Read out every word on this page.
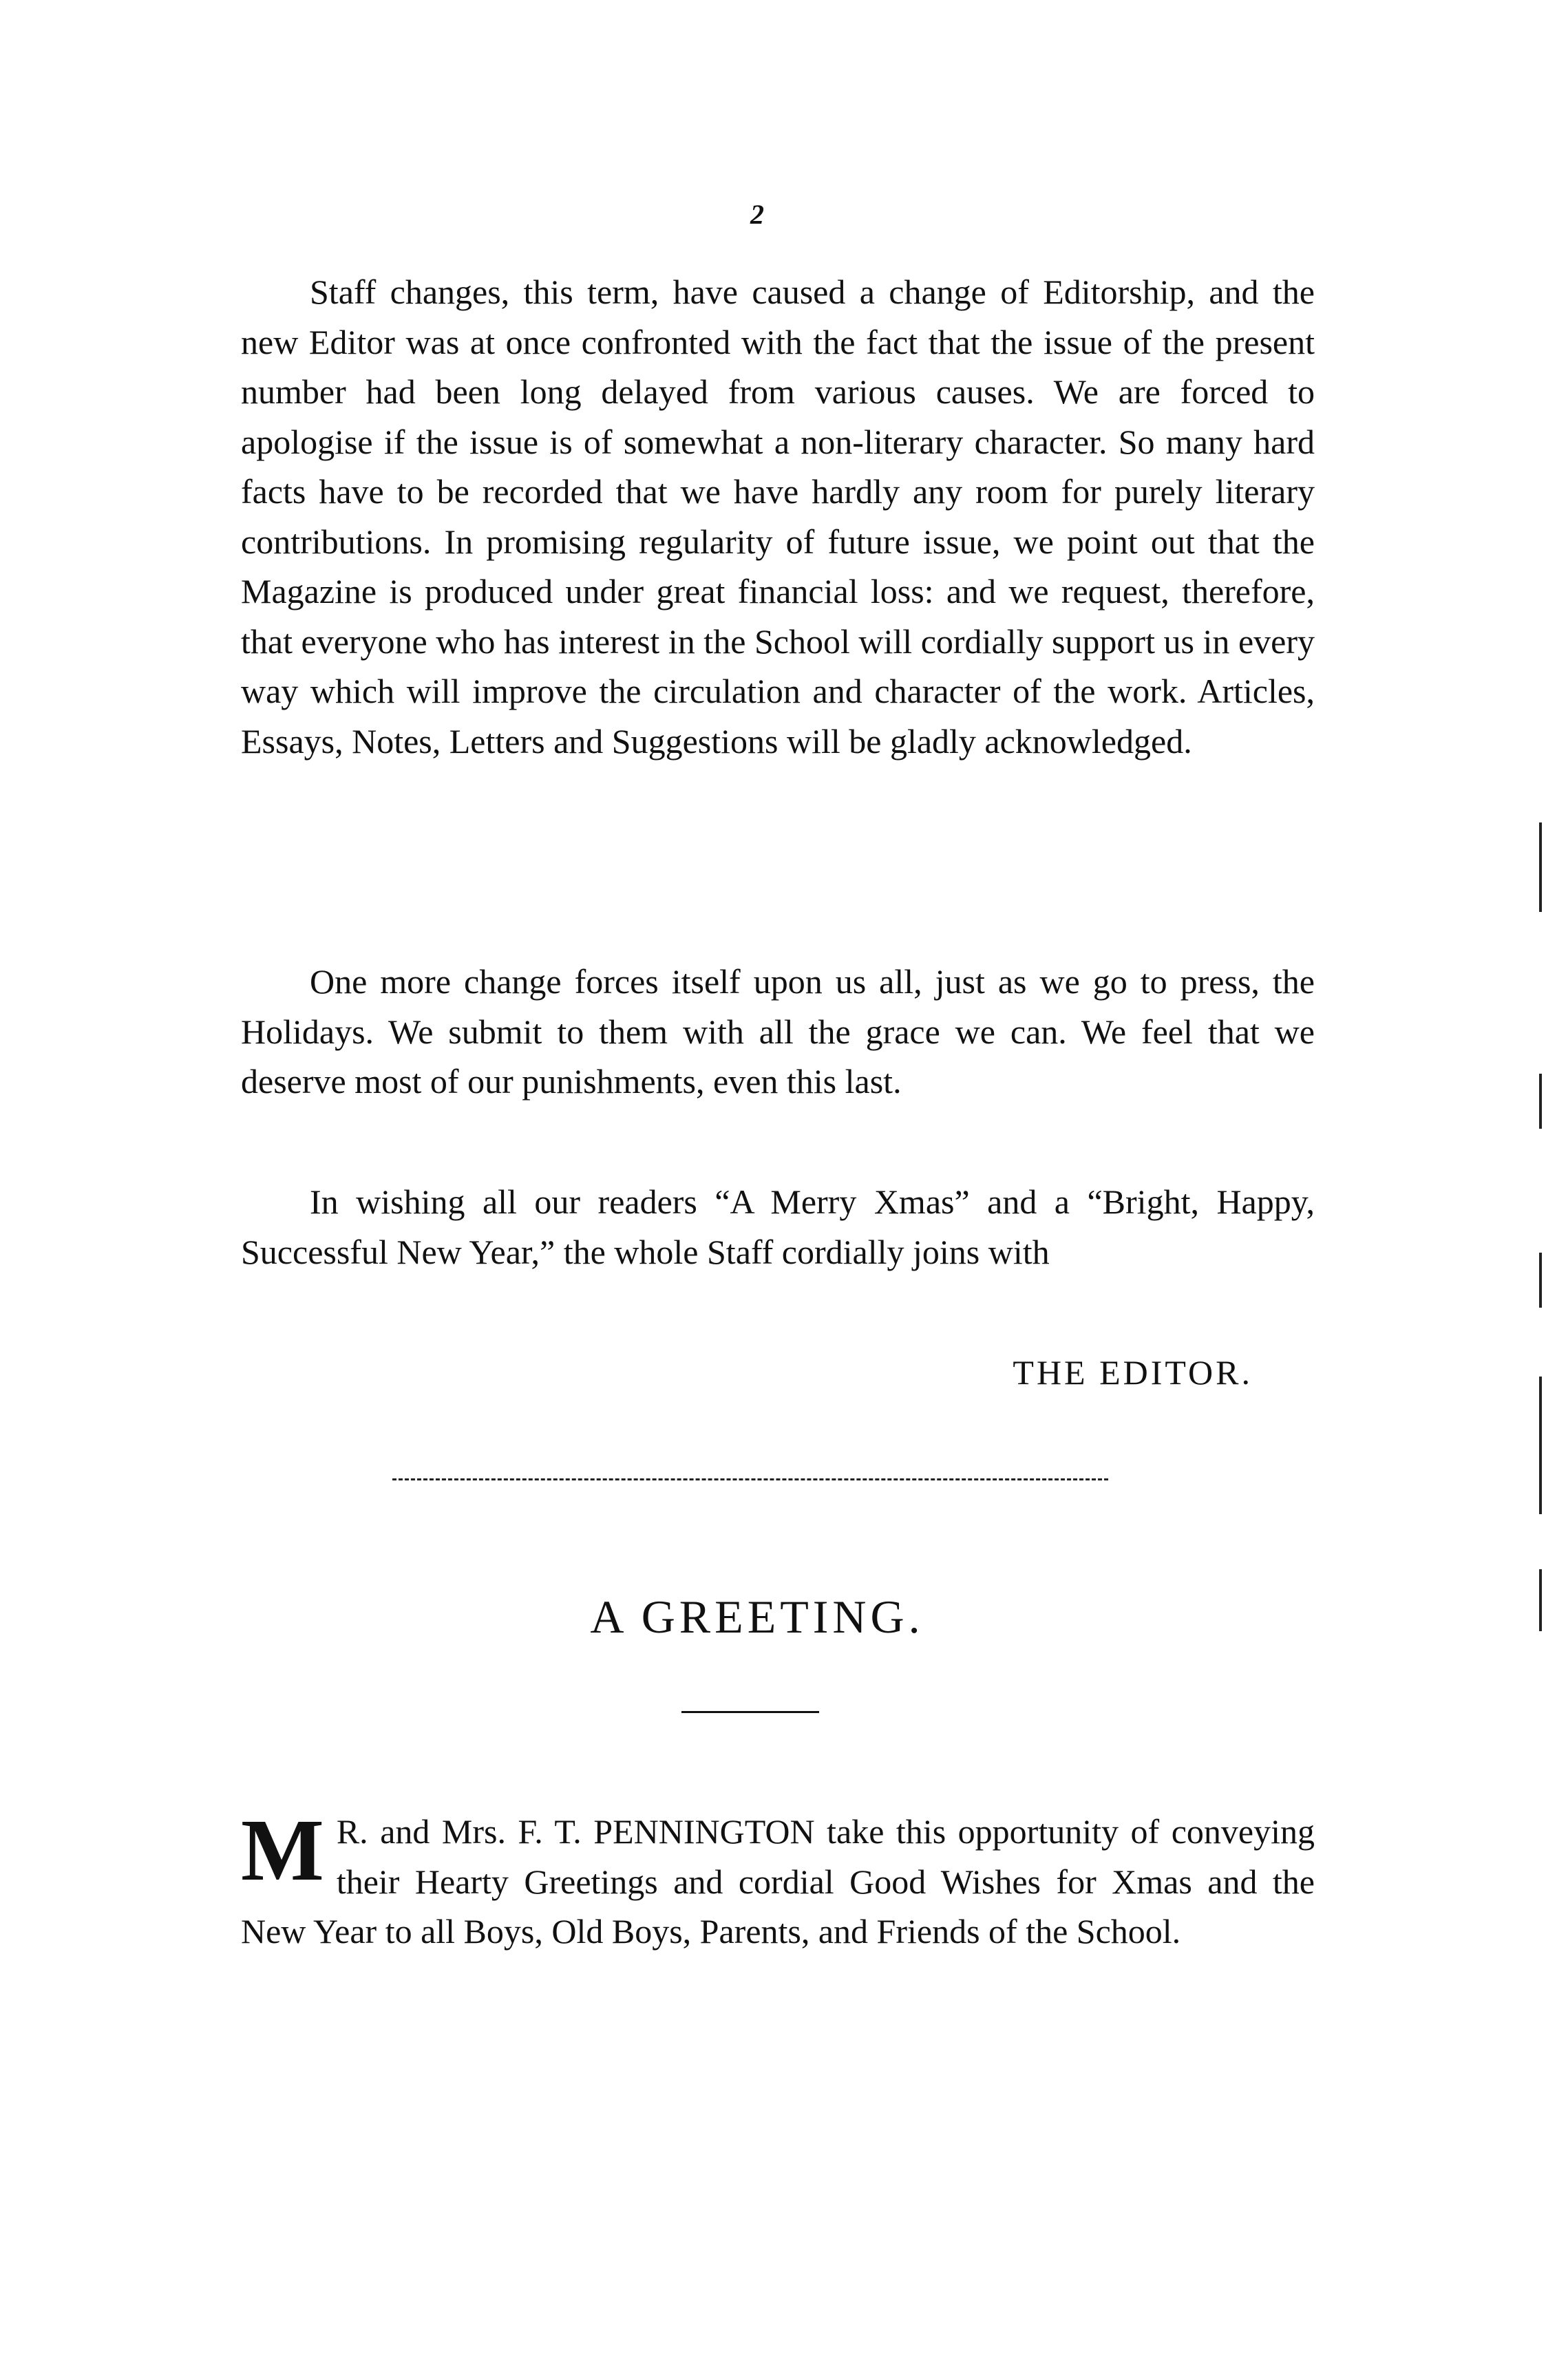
2

Staff changes, this term, have caused a change of Editorship, and the new Editor was at once confronted with the fact that the issue of the present number had been long delayed from various causes. We are forced to apologise if the issue is of somewhat a non-literary character. So many hard facts have to be recorded that we have hardly any room for purely literary contributions. In promising regularity of future issue, we point out that the Magazine is produced under great financial loss: and we request, therefore, that everyone who has interest in the School will cordially support us in every way which will improve the circulation and character of the work. Articles, Essays, Notes, Letters and Suggestions will be gladly acknowledged.

One more change forces itself upon us all, just as we go to press, the Holidays. We submit to them with all the grace we can. We feel that we deserve most of our punishments, even this last.

In wishing all our readers “A Merry Xmas” and a “Bright, Happy, Successful New Year,” the whole Staff cordially joins with

THE EDITOR.
A GREETING.

M R. and Mrs. F. T. PENNINGTON take this opportunity of conveying their Hearty Greetings and cordial Good Wishes for Xmas and the New Year to all Boys, Old Boys, Parents, and Friends of the School.
